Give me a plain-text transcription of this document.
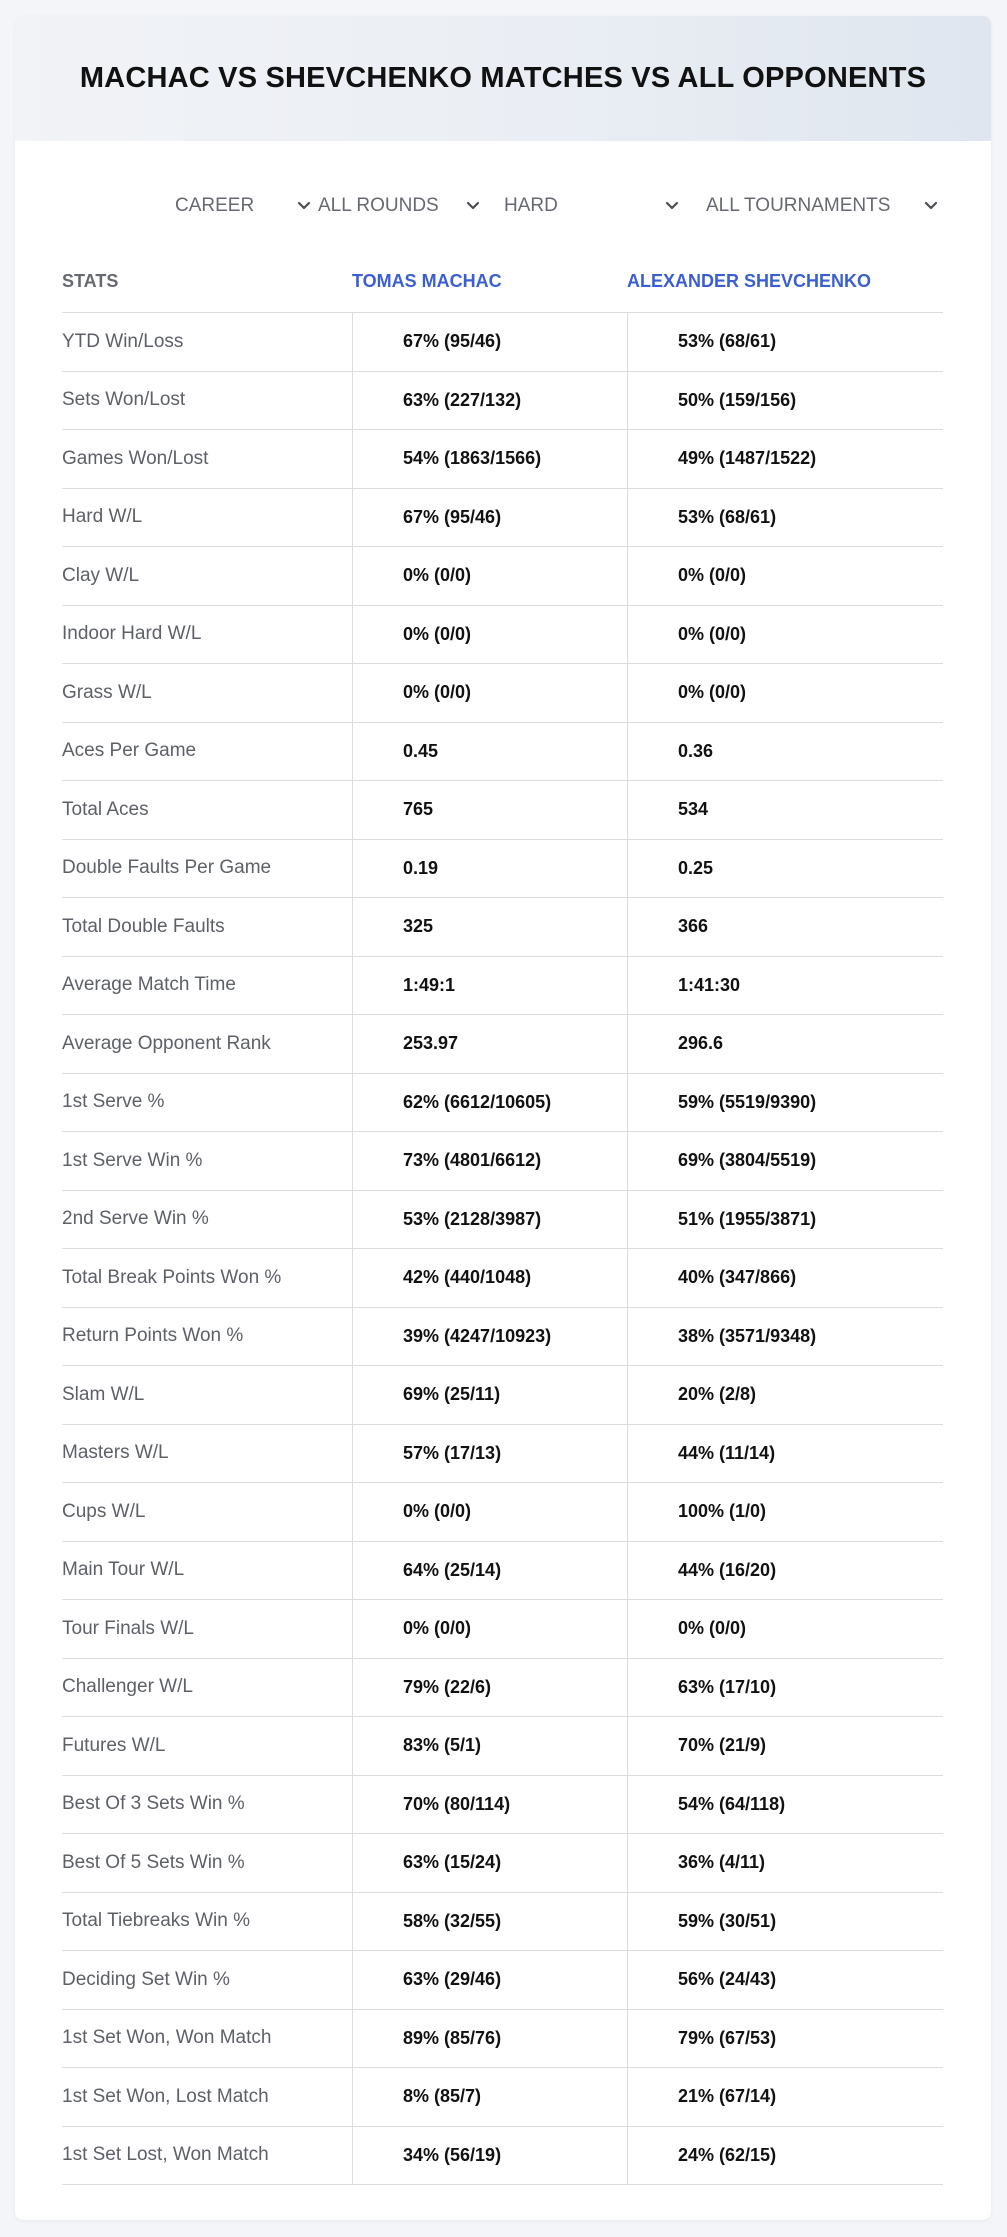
MACHAC VS SHEVCHENKO MATCHES VS ALL OPPONENTS
CAREER	ALL ROUNDS	HARD	ALL TOURNAMENTS
STATS	TOMAS MACHAC	ALEXANDER SHEVCHENKO
YTD Win/Loss	67% (95/46)	53% (68/61)
Sets Won/Lost	63% (227/132)	50% (159/156)
Games Won/Lost	54% (1863/1566)	49% (1487/1522)
Hard W/L	67% (95/46)	53% (68/61)
Clay W/L	0% (0/0)	0% (0/0)
Indoor Hard W/L	0% (0/0)	0% (0/0)
Grass W/L	0% (0/0)	0% (0/0)
Aces Per Game	0.45	0.36
Total Aces	765	534
Double Faults Per Game	0.19	0.25
Total Double Faults	325	366
Average Match Time	1:49:1	1:41:30
Average Opponent Rank	253.97	296.6
1st Serve %	62% (6612/10605)	59% (5519/9390)
1st Serve Win %	73% (4801/6612)	69% (3804/5519)
2nd Serve Win %	53% (2128/3987)	51% (1955/3871)
Total Break Points Won %	42% (440/1048)	40% (347/866)
Return Points Won %	39% (4247/10923)	38% (3571/9348)
Slam W/L	69% (25/11)	20% (2/8)
Masters W/L	57% (17/13)	44% (11/14)
Cups W/L	0% (0/0)	100% (1/0)
Main Tour W/L	64% (25/14)	44% (16/20)
Tour Finals W/L	0% (0/0)	0% (0/0)
Challenger W/L	79% (22/6)	63% (17/10)
Futures W/L	83% (5/1)	70% (21/9)
Best Of 3 Sets Win %	70% (80/114)	54% (64/118)
Best Of 5 Sets Win %	63% (15/24)	36% (4/11)
Total Tiebreaks Win %	58% (32/55)	59% (30/51)
Deciding Set Win %	63% (29/46)	56% (24/43)
1st Set Won, Won Match	89% (85/76)	79% (67/53)
1st Set Won, Lost Match	8% (85/7)	21% (67/14)
1st Set Lost, Won Match	34% (56/19)	24% (62/15)
